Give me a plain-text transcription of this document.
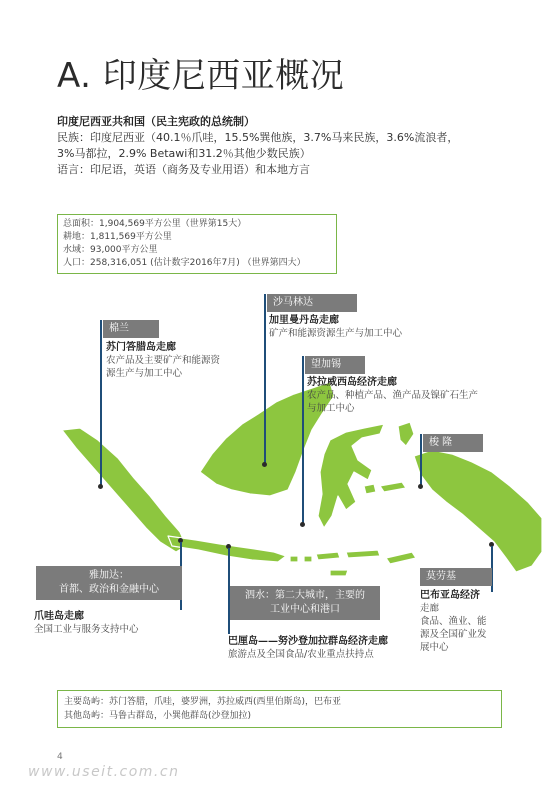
A. 印度尼西亚概况
印度尼西亚共和国（民主宪政的总统制）
民族：印度尼西亚（40.1％爪哇，15.5%巽他族，3.7%马来民族，3.6%流浪者，
3%马都拉，2.9% Betawi和31.2％其他少数民族）
语言：印尼语，英语（商务及专业用语）和本地方言
总面积：1,904,569平方公里（世界第15大）
耕地：1,811,569平方公里
水域：93,000平方公里
人口：258,316,051 (估计数字2016年7月) （世界第四大）
棉兰
苏门答腊岛走廊
农产品及主要矿产和能源资
源生产与加工中心
沙马林达
加里曼丹岛走廊
矿产和能源资源生产与加工中心
望加锡
苏拉威西岛经济走廊
农产品、种植产品、渔产品及镍矿石生产
与加工中心
梭 隆
雅加达：
首都、政治和金融中心
爪哇岛走廊
全国工业与服务支持中心
泗水：第二大城市，主要的
工业中心和港口
巴厘岛——努沙登加拉群岛经济走廊
旅游点及全国食品/农业重点扶持点
莫劳基
巴布亚岛经济
走廊
食品、渔业、能
源及全国矿业发
展中心
主要岛屿：苏门答腊，爪哇，婆罗洲，苏拉威西(西里伯斯岛)，巴布亚
其他岛屿：马鲁古群岛，小巽他群岛(沙登加拉)
4
www.useit.com.cn
